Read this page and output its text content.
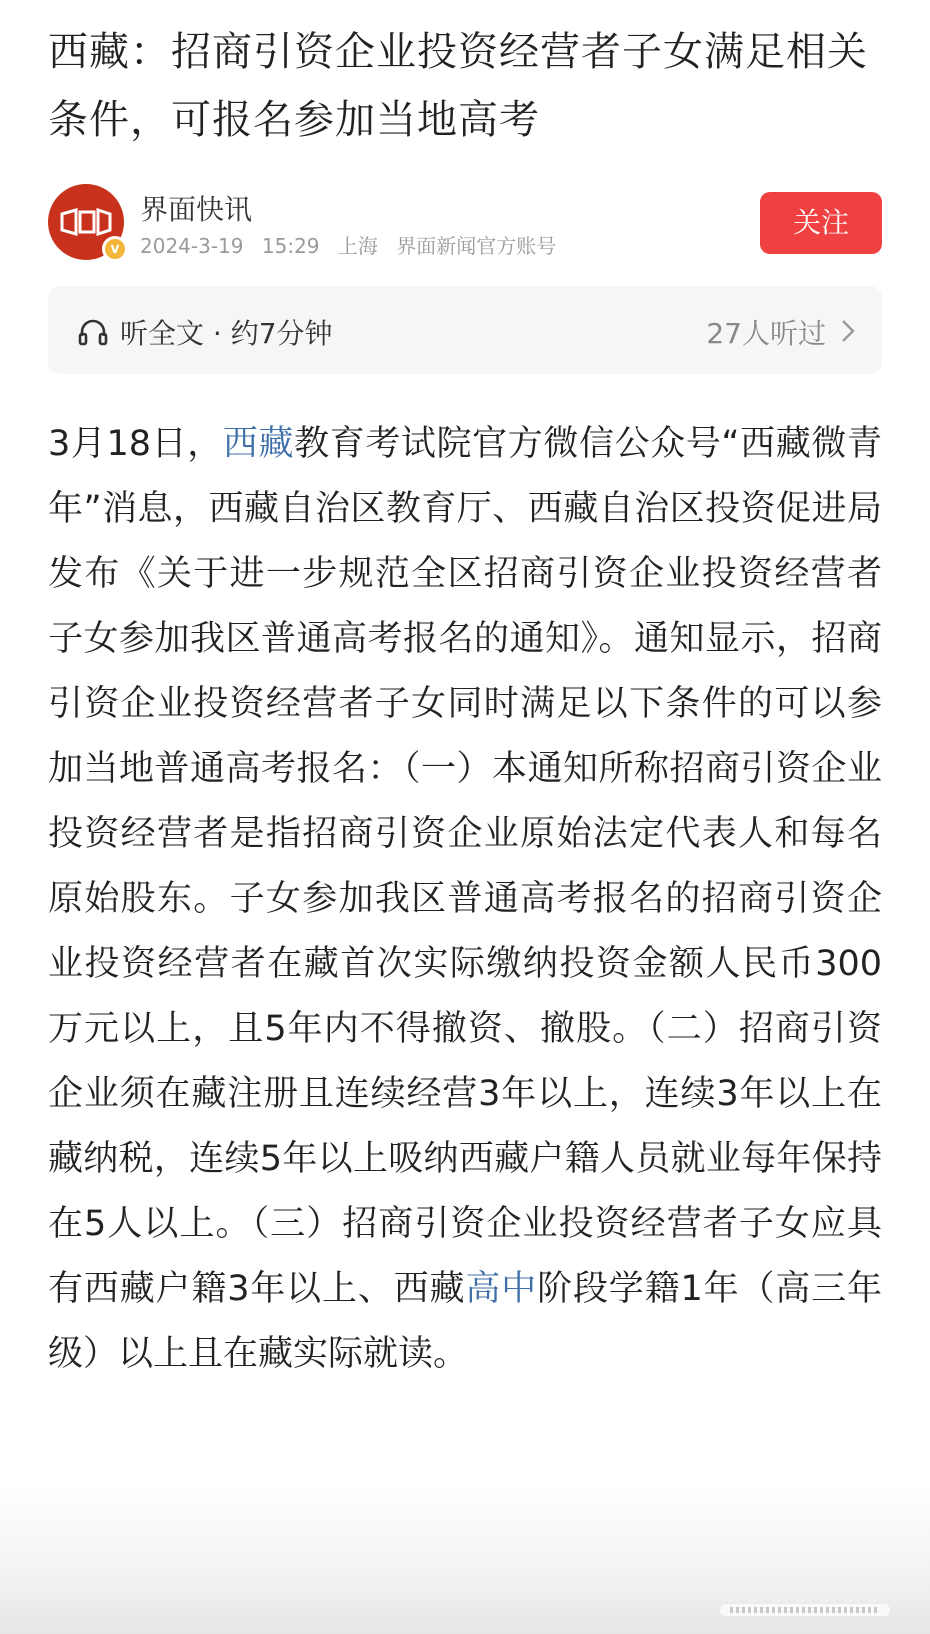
西藏：招商引资企业投资经营者子女满足相关条件，可报名参加当地高考
v
界面快讯
2024-3-19 15:29 上海 界面新闻官方账号
关注
听全文 · 约7分钟	27人听过

3月18日，西藏教育考试院官方微信公众号“西藏微青年”消息，西藏自治区教育厅、西藏自治区投资促进局发布《关于进一步规范全区招商引资企业投资经营者子女参加我区普通高考报名的通知》。通知显示，招商引资企业投资经营者子女同时满足以下条件的可以参加当地普通高考报名：（一）本通知所称招商引资企业投资经营者是指招商引资企业原始法定代表人和每名原始股东。子女参加我区普通高考报名的招商引资企业投资经营者在藏首次实际缴纳投资金额人民币300万元以上，且5年内不得撤资、撤股。（二）招商引资企业须在藏注册且连续经营3年以上，连续3年以上在藏纳税，连续5年以上吸纳西藏户籍人员就业每年保持在5人以上。（三）招商引资企业投资经营者子女应具有西藏户籍3年以上、西藏高中阶段学籍1年（高三年级）以上且在藏实际就读。
